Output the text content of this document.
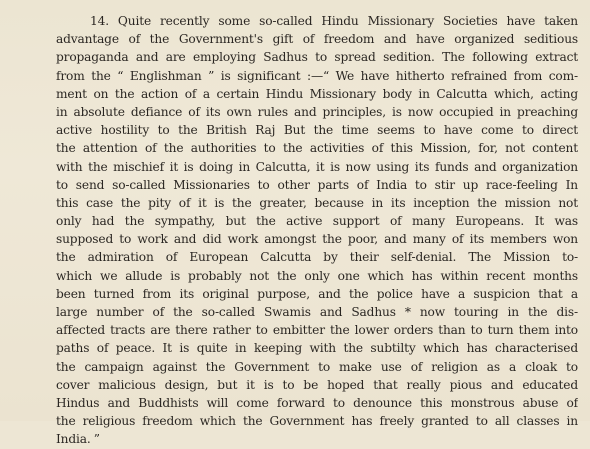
14. Quite recently some so-called Hindu Missionary Societies have taken
advantage of the Government's gift of freedom and have organized seditious
propaganda and are employing Sadhus to spread sedition. The following extract
from the “ Englishman ” is significant :—“ We have hitherto refrained from com-
ment on the action of a certain Hindu Missionary body in Calcutta which, acting
in absolute defiance of its own rules and principles, is now occupied in preaching
active hostility to the British Raj But the time seems to have come to direct
the attention of the authorities to the activities of this Mission, for, not content
with the mischief it is doing in Calcutta, it is now using its funds and organization
to send so-called Missionaries to other parts of India to stir up race-feeling In
this case the pity of it is the greater, because in its inception the mission not
only had the sympathy, but the active support of many Europeans. It was
supposed to work and did work amongst the poor, and many of its members won
the admiration of European Calcutta by their self-denial. The Mission to-
which we allude is probably not the only one which has within recent months
been turned from its original purpose, and the police have a suspicion that a
large number of the so-called Swamis and Sadhus * now touring in the dis-
affected tracts are there rather to embitter the lower orders than to turn them into
paths of peace. It is quite in keeping with the subtilty which has characterised
the campaign against the Government to make use of religion as a cloak to
cover malicious design, but it is to be hoped that really pious and educated
Hindus and Buddhists will come forward to denounce this monstrous abuse of
the religious freedom which the Government has freely granted to all classes in
India. ”
